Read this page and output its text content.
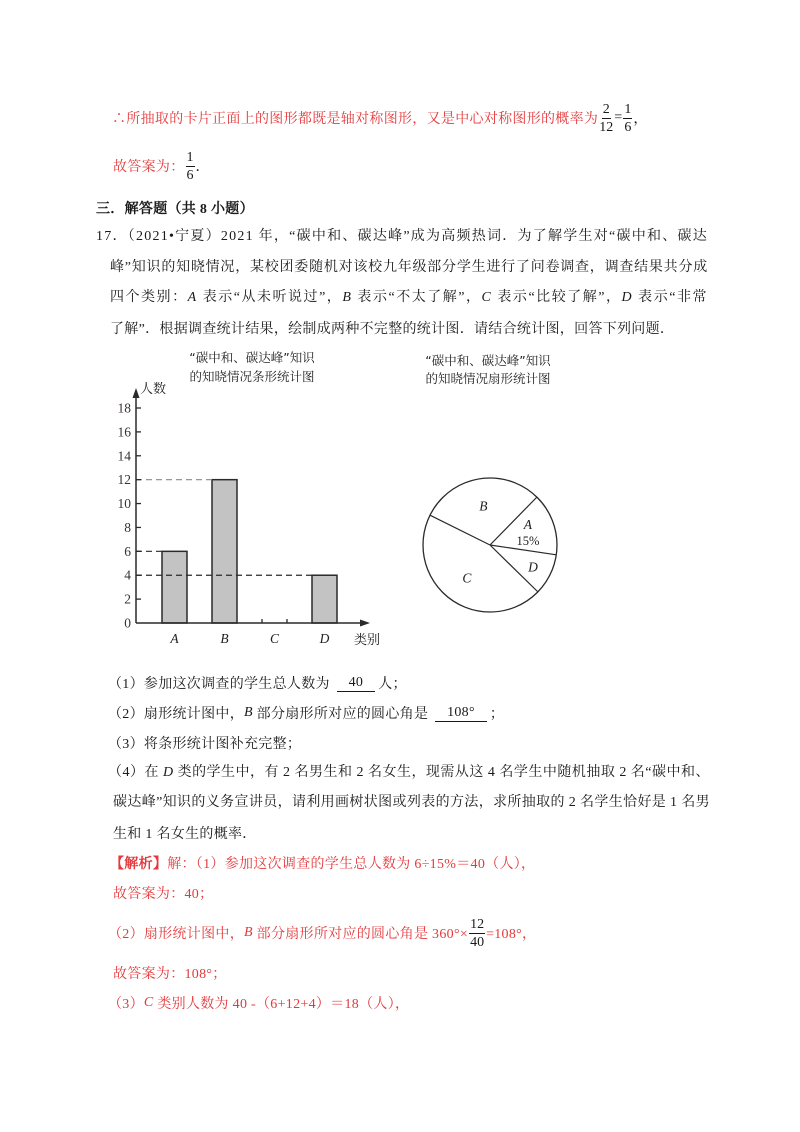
∴所抽取的卡片正面上的图形都既是轴对称图形，又是中心对称图形的概率为 $\frac{2}{12} = \frac{1}{6}$ ，
故答案为： $\frac{1}{6}$ ．
三．解答题（共 8 小题）
17．（2021•宁夏）2021 年，“碳中和、碳达峰”成为高频热词．为了解学生对“碳中和、碳达
峰”知识的知晓情况，某校团委随机对该校九年级部分学生进行了问卷调查，调查结果共分成
四个类别：A 表示“从未听说过”，B 表示“不太了解”，C 表示“比较了解”，D 表示“非常
了解”．根据调查统计结果，绘制成两种不完整的统计图．请结合统计图，回答下列问题．
“碳中和、碳达峰”知识
的知晓情况条形统计图
A	B	C	D
0
2
4
6
8
10
12
14
16
18
人数
类别
“碳中和、碳达峰”知识
的知晓情况扇形统计图
A
15%
D
C
B
（1）参加这次调查的学生总人数为	40	人；
（2）扇形统计图中， B 部分扇形所对应的圆心角是	108°	；
（3）将条形统计图补充完整；
（4）在 D 类的学生中，有 2 名男生和 2 名女生，现需从这 4 名学生中随机抽取 2 名“碳中和、
碳达峰”知识的义务宣讲员，请利用画树状图或列表的方法，求所抽取的 2 名学生恰好是 1 名男
生和 1 名女生的概率．
【解析】 解：（1）参加这次调查的学生总人数为 6÷15%＝40（人），
故答案为：40；
（2）扇形统计图中， B 部分扇形所对应的圆心角是 $360^\circ\times \frac{12}{40} =108^\circ$，
故答案为：108°；
（3） C 类别人数为 40 -（6+12+4）＝18（人），
